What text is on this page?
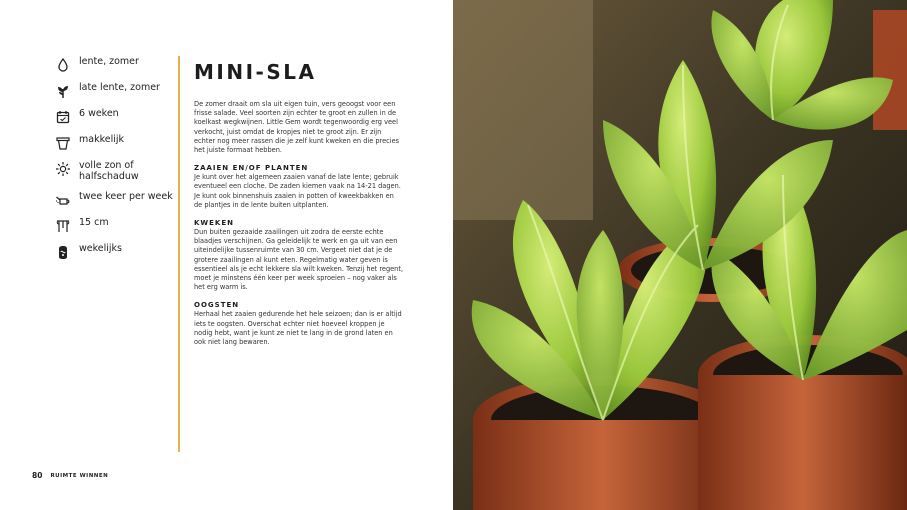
lente, zomer
late lente, zomer
6 weken
makkelijk
volle zon of halfschaduw
twee keer per week
15 cm
wekelijks
MINI-SLA

De zomer draait om sla uit eigen tuin, vers geoogst voor een frisse salade. Veel soorten zijn echter te groot en zullen in de koelkast wegkwijnen. Little Gem wordt tegenwoordig erg veel verkocht, juist omdat de kropjes niet te groot zijn. Er zijn echter nog meer rassen die je zelf kunt kweken en die precies het juiste formaat hebben.

ZAAIEN EN/OF PLANTEN

Je kunt over het algemeen zaaien vanaf de late lente; gebruik eventueel een cloche. De zaden kiemen vaak na 14-21 dagen. Je kunt ook binnenshuis zaaien in potten of kweekbakken en de plantjes in de lente buiten uitplanten.

KWEKEN

Dun buiten gezaaide zaailingen uit zodra de eerste echte blaadjes verschijnen. Ga geleidelijk te werk en ga uit van een uiteindelijke tussenruimte van 30 cm. Vergeet niet dat je de grotere zaailingen al kunt eten. Regelmatig water geven is essentieel als je echt lekkere sla wilt kweken. Tenzij het regent, moet je minstens één keer per week sproeien – nog vaker als het erg warm is.

OOGSTEN

Herhaal het zaaien gedurende het hele seizoen; dan is er altijd iets te oogsten. Overschat echter niet hoeveel kroppen je nodig hebt, want je kunt ze niet te lang in de grond laten en ook niet lang bewaren.

80 RUIMTE WINNEN
